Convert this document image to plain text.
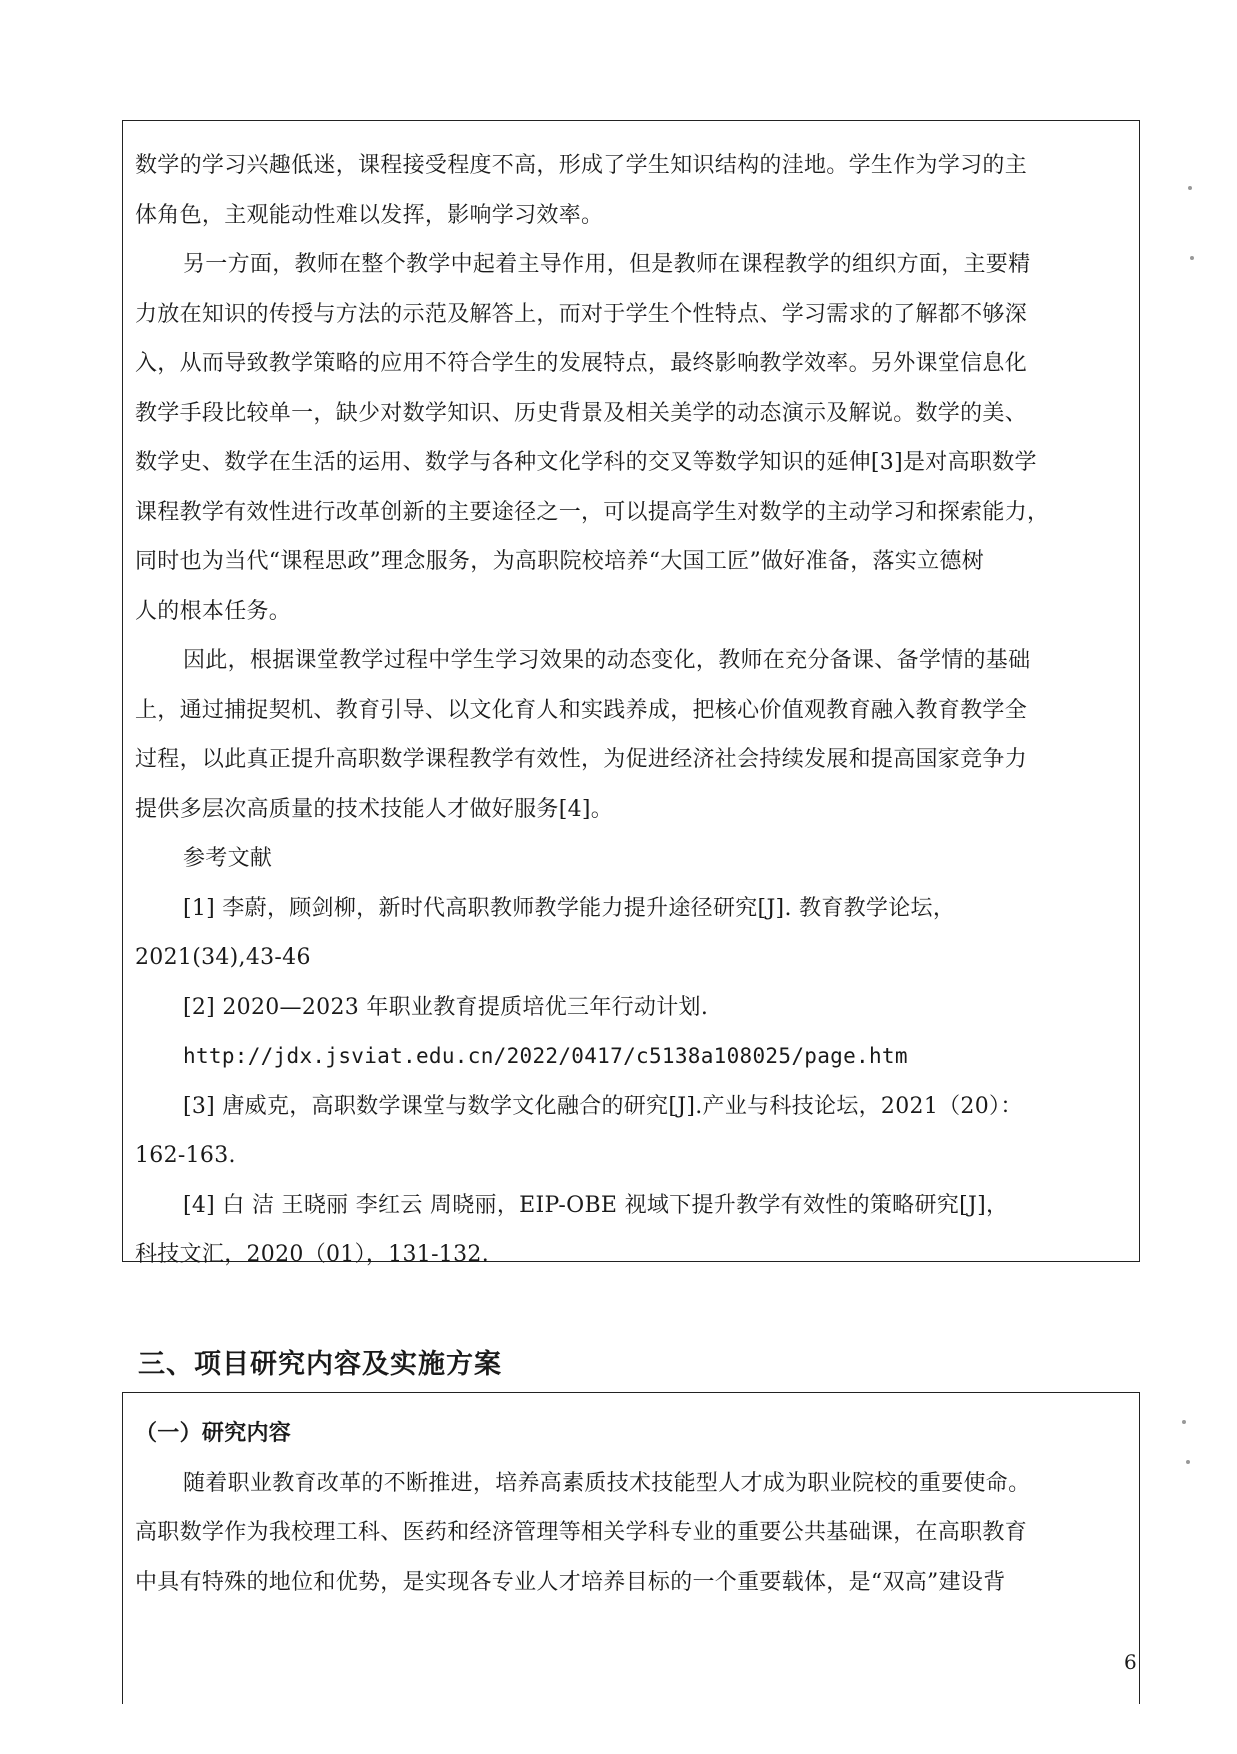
数学的学习兴趣低迷，课程接受程度不高，形成了学生知识结构的洼地。学生作为学习的主
体角色，主观能动性难以发挥，影响学习效率。
另一方面，教师在整个教学中起着主导作用，但是教师在课程教学的组织方面，主要精
力放在知识的传授与方法的示范及解答上，而对于学生个性特点、学习需求的了解都不够深
入，从而导致教学策略的应用不符合学生的发展特点，最终影响教学效率。另外课堂信息化
教学手段比较单一，缺少对数学知识、历史背景及相关美学的动态演示及解说。数学的美、
数学史、数学在生活的运用、数学与各种文化学科的交叉等数学知识的延伸[3]是对高职数学
课程教学有效性进行改革创新的主要途径之一，可以提高学生对数学的主动学习和探索能力，
同时也为当代“课程思政”理念服务，为高职院校培养“大国工匠”做好准备，落实立德树
人的根本任务。
因此，根据课堂教学过程中学生学习效果的动态变化，教师在充分备课、备学情的基础
上，通过捕捉契机、教育引导、以文化育人和实践养成，把核心价值观教育融入教育教学全
过程，以此真正提升高职数学课程教学有效性，为促进经济社会持续发展和提高国家竞争力
提供多层次高质量的技术技能人才做好服务[4]。
参考文献
[1] 李蔚，顾剑柳，新时代高职教师教学能力提升途径研究[J]. 教育教学论坛，
2021(34),43-46
[2] 2020—2023 年职业教育提质培优三年行动计划.
http://jdx.jsviat.edu.cn/2022/0417/c5138a108025/page.htm
[3] 唐威克，高职数学课堂与数学文化融合的研究[J].产业与科技论坛，2021（20）：
162-163.
[4] 白 洁 王晓丽 李红云 周晓丽，EIP-OBE 视域下提升教学有效性的策略研究[J]，
科技文汇，2020（01），131-132.
三、项目研究内容及实施方案
（一）研究内容
随着职业教育改革的不断推进，培养高素质技术技能型人才成为职业院校的重要使命。
高职数学作为我校理工科、医药和经济管理等相关学科专业的重要公共基础课，在高职教育
中具有特殊的地位和优势，是实现各专业人才培养目标的一个重要载体，是“双高”建设背
6
